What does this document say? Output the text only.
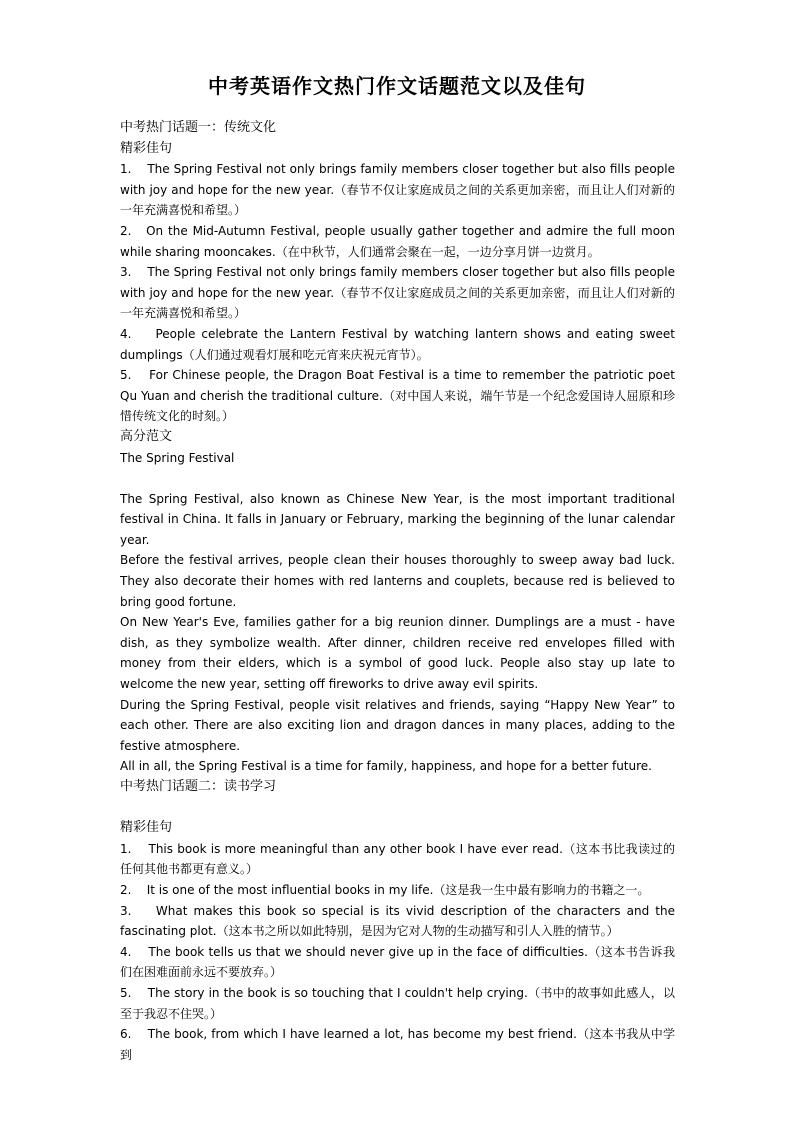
中考英语作文热门作文话题范文以及佳句

中考热门话题一：传统文化

精彩佳句

1.    The Spring Festival not only brings family members closer together but also fills people with joy and hope for the new year.（春节不仅让家庭成员之间的关系更加亲密，而且让人们对新的一年充满喜悦和希望。）

2.   On the Mid-Autumn Festival, people usually gather together and admire the full moon while sharing mooncakes.（在中秋节，人们通常会聚在一起，一边分享月饼一边赏月。

3.    The Spring Festival not only brings family members closer together but also fills people with joy and hope for the new year.（春节不仅让家庭成员之间的关系更加亲密，而且让人们对新的一年充满喜悦和希望。）

4.    People celebrate the Lantern Festival by watching lantern shows and eating sweet dumplings（人们通过观看灯展和吃元宵来庆祝元宵节）。

5.    For Chinese people, the Dragon Boat Festival is a time to remember the patriotic poet Qu Yuan and cherish the traditional culture.（对中国人来说，端午节是一个纪念爱国诗人屈原和珍惜传统文化的时刻。）

高分范文

The Spring Festival

The Spring Festival, also known as Chinese New Year, is the most important traditional festival in China. It falls in January or February, marking the beginning of the lunar calendar year.

Before the festival arrives, people clean their houses thoroughly to sweep away bad luck. They also decorate their homes with red lanterns and couplets, because red is believed to bring good fortune.

On New Year's Eve, families gather for a big reunion dinner. Dumplings are a must - have dish, as they symbolize wealth. After dinner, children receive red envelopes filled with money from their elders, which is a symbol of good luck. People also stay up late to welcome the new year, setting off fireworks to drive away evil spirits.

During the Spring Festival, people visit relatives and friends, saying “Happy New Year” to each other. There are also exciting lion and dragon dances in many places, adding to the festive atmosphere.

All in all, the Spring Festival is a time for family, happiness, and hope for a better future.

中考热门话题二：读书学习

精彩佳句

1.    This book is more meaningful than any other book I have ever read.（这本书比我读过的任何其他书都更有意义。）

2.    It is one of the most influential books in my life.（这是我一生中最有影响力的书籍之一。

3.    What makes this book so special is its vivid description of the characters and the fascinating plot.（这本书之所以如此特别，是因为它对人物的生动描写和引人入胜的情节。）

4.    The book tells us that we should never give up in the face of difficulties.（这本书告诉我们在困难面前永远不要放弃。）

5.    The story in the book is so touching that I couldn't help crying.（书中的故事如此感人，以至于我忍不住哭。）

6.    The book, from which I have learned a lot, has become my best friend.（这本书我从中学到
